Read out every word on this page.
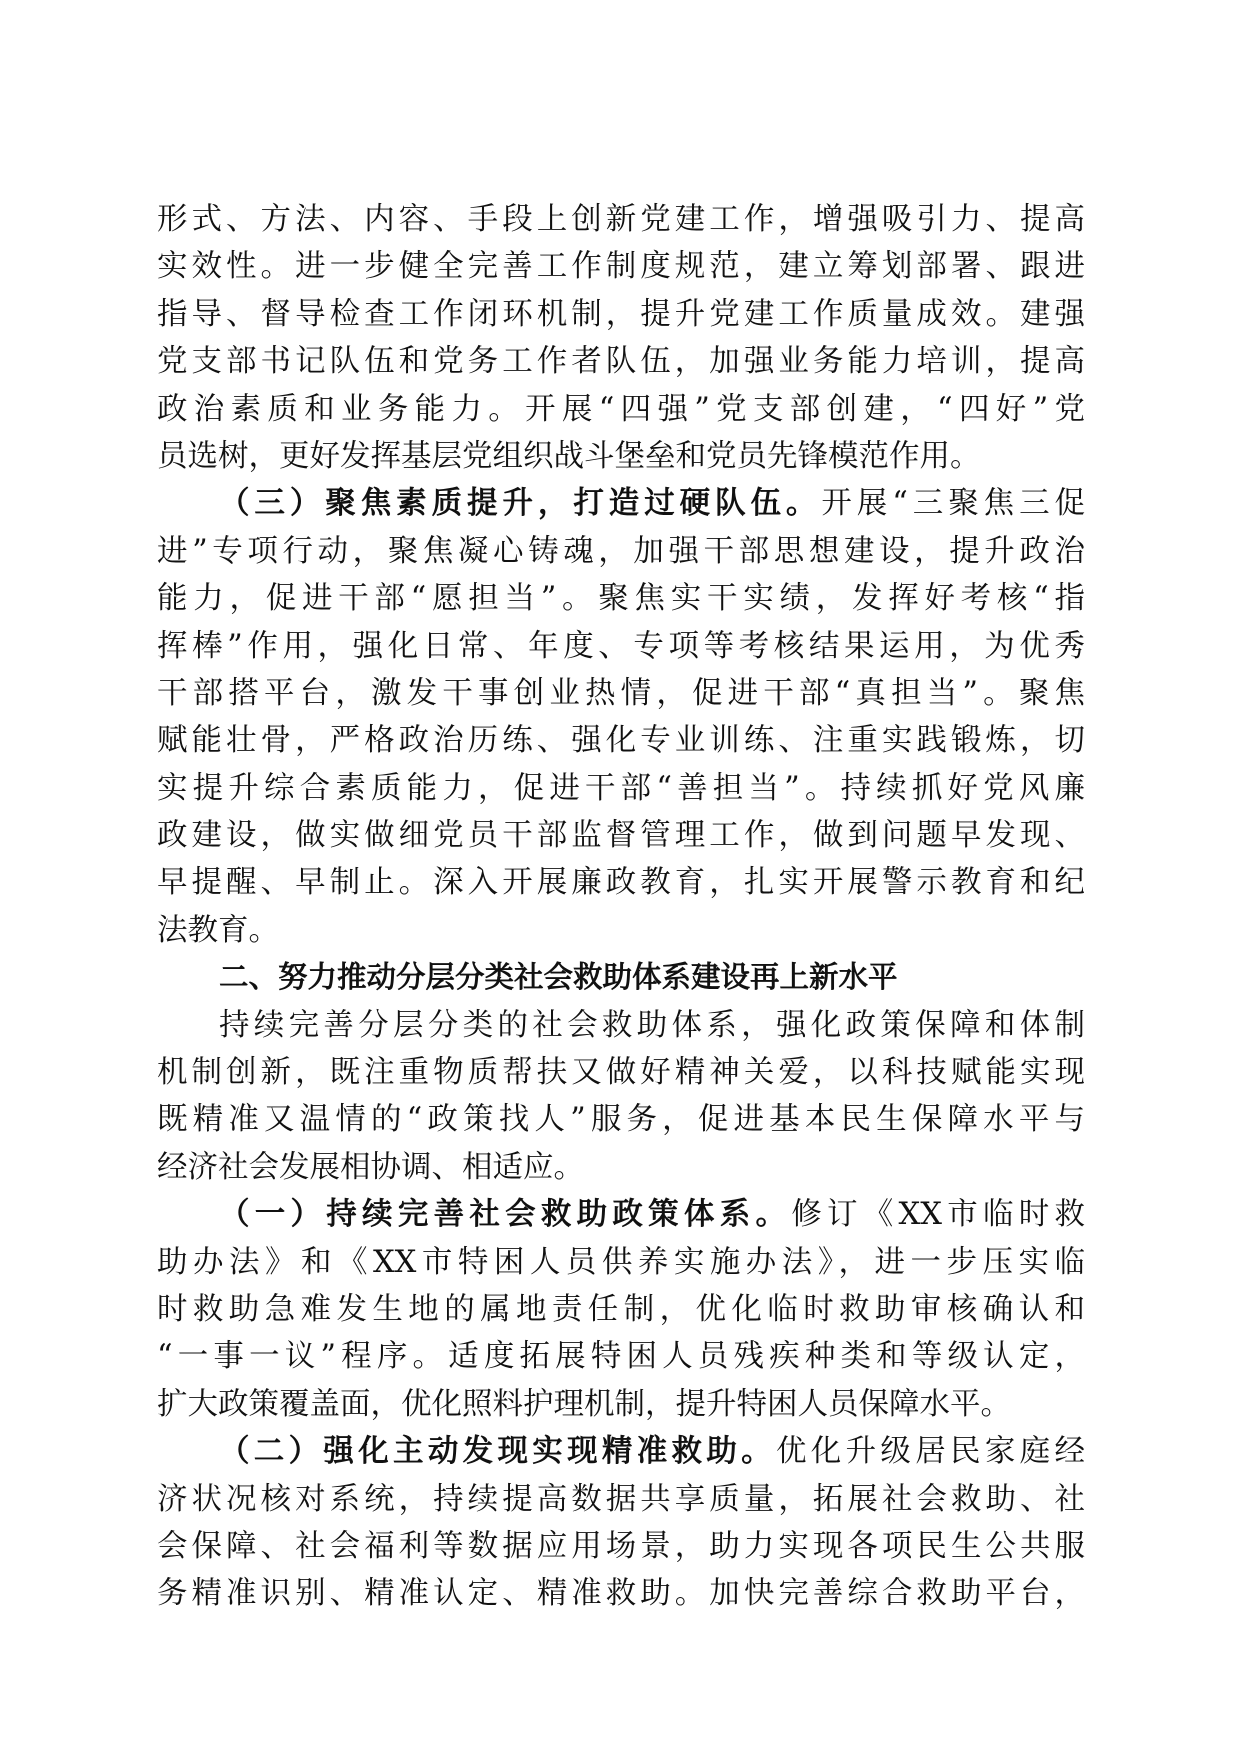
形式、方法、内容、手段上创新党建工作，增强吸引力、提高
实效性。进一步健全完善工作制度规范，建立筹划部署、跟进
指导、督导检查工作闭环机制，提升党建工作质量成效。建强
党支部书记队伍和党务工作者队伍，加强业务能力培训，提高
政治素质和业务能力。开展“四强”党支部创建，“四好”党
员选树，更好发挥基层党组织战斗堡垒和党员先锋模范作用。
（三）聚焦素质提升，打造过硬队伍。开展“三聚焦三促
进”专项行动，聚焦凝心铸魂，加强干部思想建设，提升政治
能力，促进干部“愿担当”。聚焦实干实绩，发挥好考核“指
挥棒”作用，强化日常、年度、专项等考核结果运用，为优秀
干部搭平台，激发干事创业热情，促进干部“真担当”。聚焦
赋能壮骨，严格政治历练、强化专业训练、注重实践锻炼，切
实提升综合素质能力，促进干部“善担当”。持续抓好党风廉
政建设，做实做细党员干部监督管理工作，做到问题早发现、
早提醒、早制止。深入开展廉政教育，扎实开展警示教育和纪
法教育。
二、努力推动分层分类社会救助体系建设再上新水平
持续完善分层分类的社会救助体系，强化政策保障和体制
机制创新，既注重物质帮扶又做好精神关爱，以科技赋能实现
既精准又温情的“政策找人”服务，促进基本民生保障水平与
经济社会发展相协调、相适应。
（一）持续完善社会救助政策体系。修订《XX市临时救
助办法》和《XX市特困人员供养实施办法》，进一步压实临
时救助急难发生地的属地责任制，优化临时救助审核确认和
“一事一议”程序。适度拓展特困人员残疾种类和等级认定，
扩大政策覆盖面，优化照料护理机制，提升特困人员保障水平。
（二）强化主动发现实现精准救助。优化升级居民家庭经
济状况核对系统，持续提高数据共享质量，拓展社会救助、社
会保障、社会福利等数据应用场景，助力实现各项民生公共服
务精准识别、精准认定、精准救助。加快完善综合救助平台，
